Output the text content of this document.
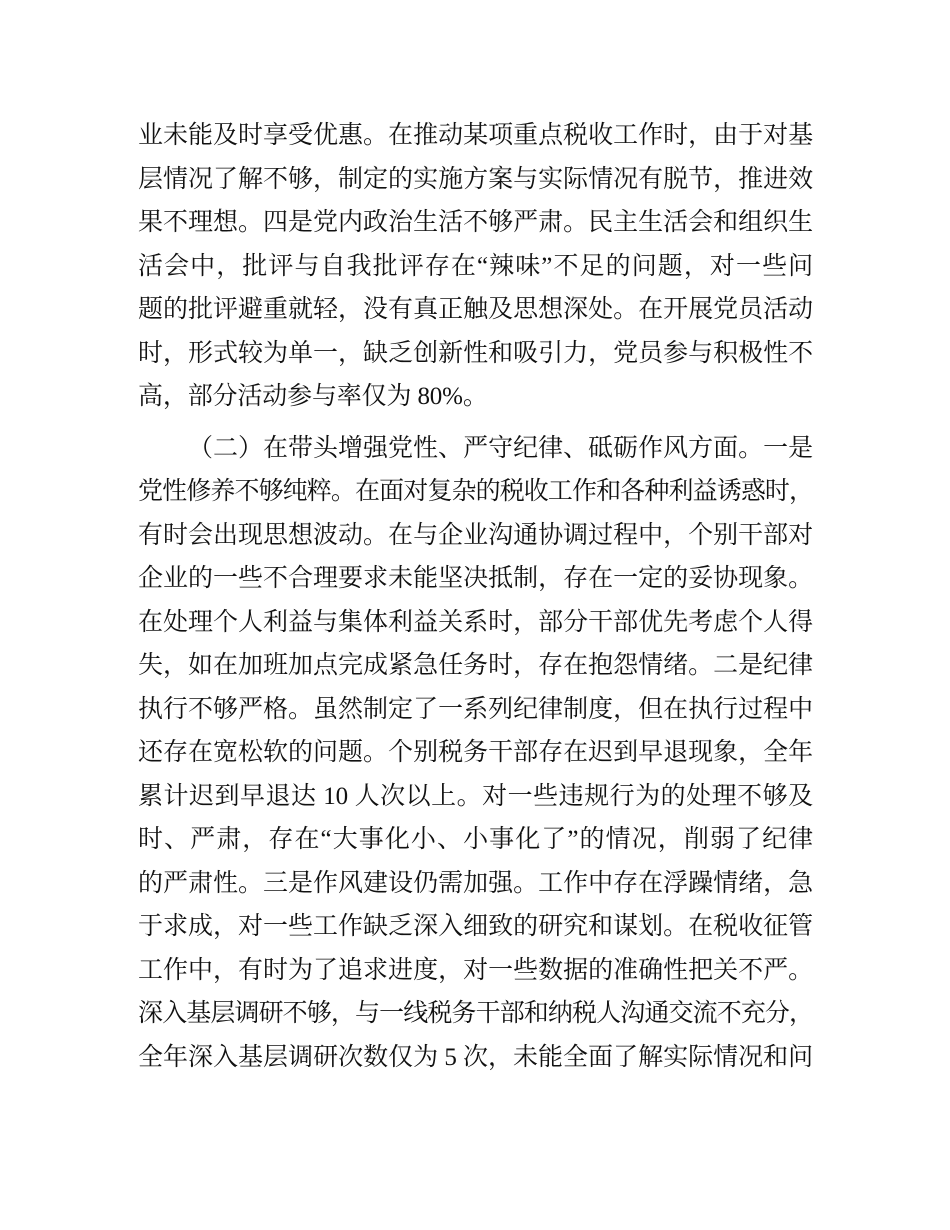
业未能及时享受优惠。在推动某项重点税收工作时，由于对基
层情况了解不够，制定的实施方案与实际情况有脱节，推进效
果不理想。四是党内政治生活不够严肃。民主生活会和组织生
活会中，批评与自我批评存在“辣味”不足的问题，对一些问
题的批评避重就轻，没有真正触及思想深处。在开展党员活动
时，形式较为单一，缺乏创新性和吸引力，党员参与积极性不
高，部分活动参与率仅为 80%。
（二）在带头增强党性、严守纪律、砥砺作风方面。一是
党性修养不够纯粹。在面对复杂的税收工作和各种利益诱惑时，
有时会出现思想波动。在与企业沟通协调过程中，个别干部对
企业的一些不合理要求未能坚决抵制，存在一定的妥协现象。
在处理个人利益与集体利益关系时，部分干部优先考虑个人得
失，如在加班加点完成紧急任务时，存在抱怨情绪。二是纪律
执行不够严格。虽然制定了一系列纪律制度，但在执行过程中
还存在宽松软的问题。个别税务干部存在迟到早退现象，全年
累计迟到早退达 10 人次以上。对一些违规行为的处理不够及
时、严肃，存在“大事化小、小事化了”的情况，削弱了纪律
的严肃性。三是作风建设仍需加强。工作中存在浮躁情绪，急
于求成，对一些工作缺乏深入细致的研究和谋划。在税收征管
工作中，有时为了追求进度，对一些数据的准确性把关不严。
深入基层调研不够，与一线税务干部和纳税人沟通交流不充分，
全年深入基层调研次数仅为 5 次，未能全面了解实际情况和问
